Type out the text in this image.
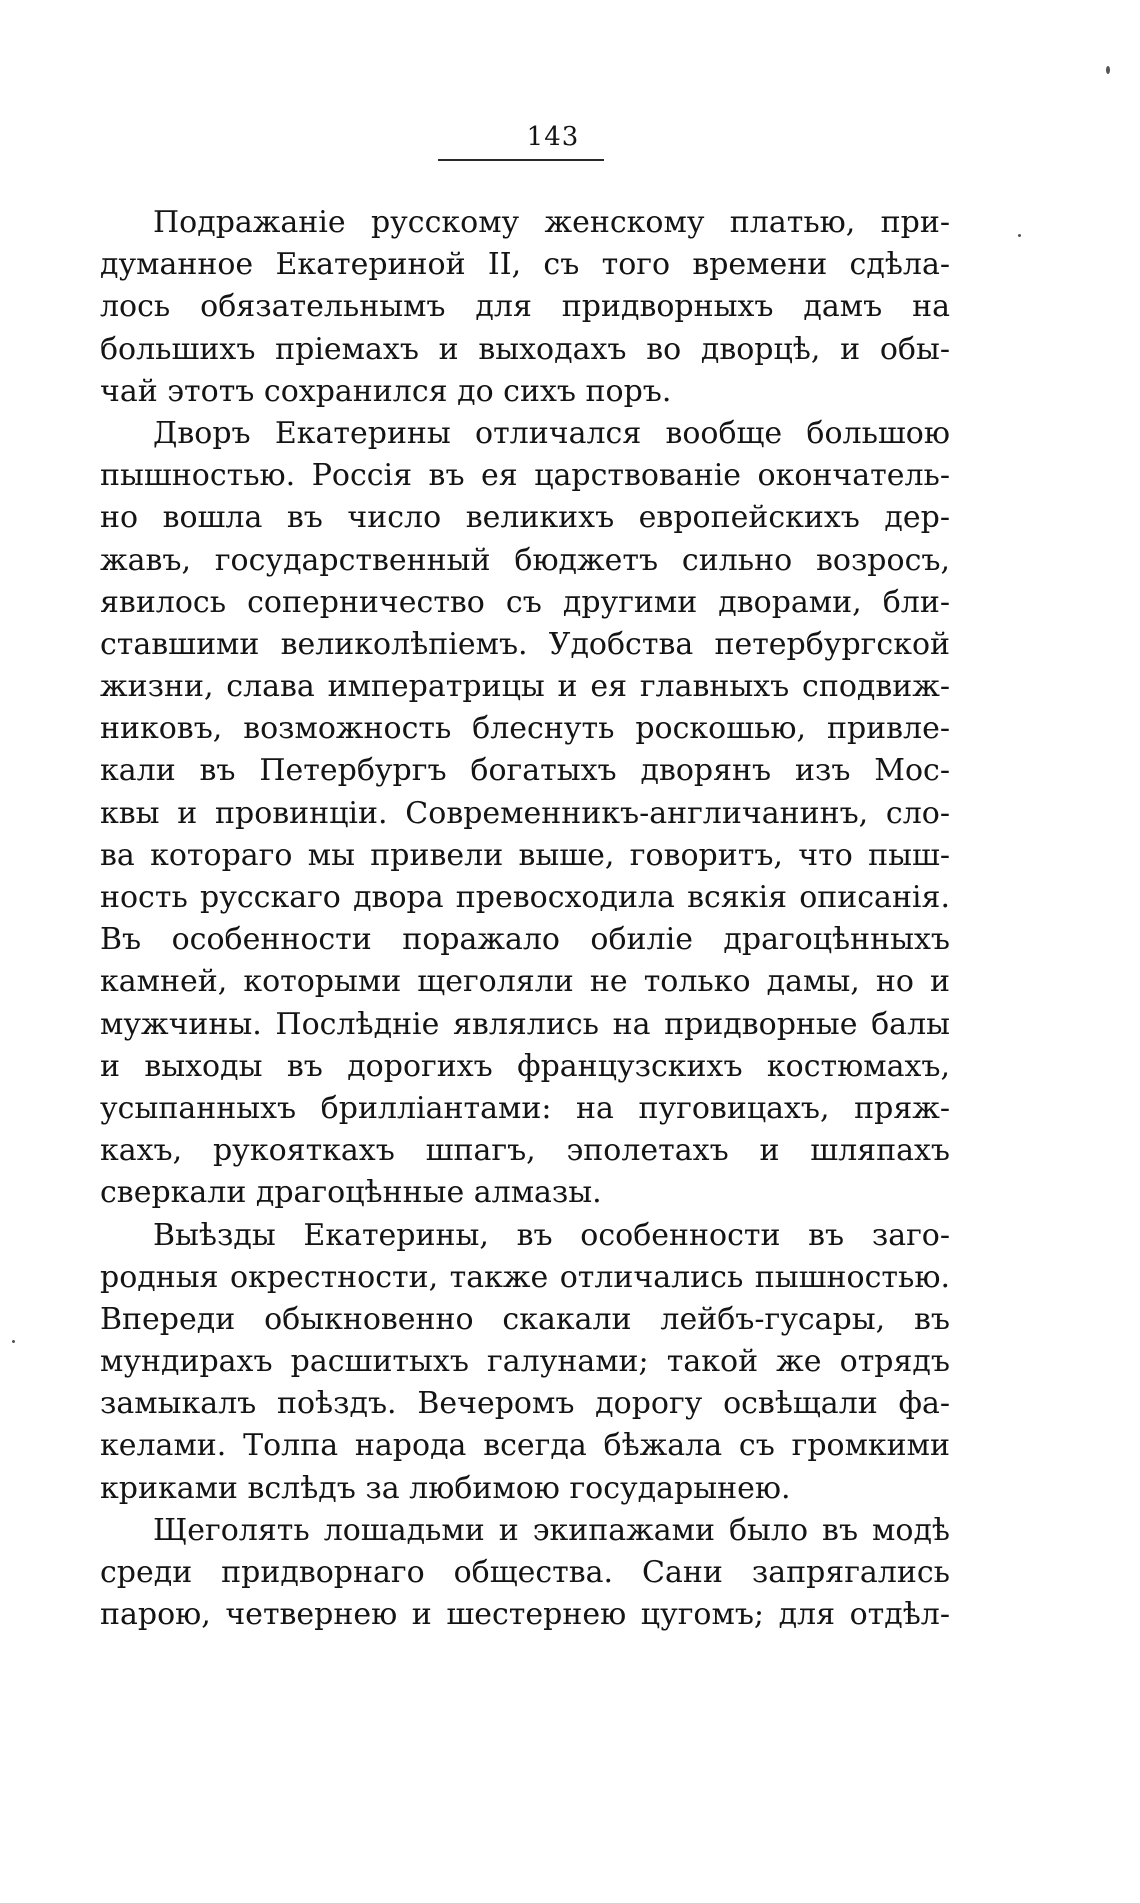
143
Подражаніе русскому женскому платью, при-
думанное Екатериной II, съ того времени сдѣла-
лось обязательнымъ для придворныхъ дамъ на
большихъ пріемахъ и выходахъ во дворцѣ, и обы-
чай этотъ сохранился до сихъ поръ.
Дворъ Екатерины отличался вообще большою
пышностью. Россія въ ея царствованіе окончатель-
но вошла въ число великихъ европейскихъ дер-
жавъ, государственный бюджетъ сильно возросъ,
явилось соперничество съ другими дворами, бли-
ставшими великолѣпіемъ. Удобства петербургской
жизни, слава императрицы и ея главныхъ сподвиж-
никовъ, возможность блеснуть роскошью, привле-
кали въ Петербургъ богатыхъ дворянъ изъ Мос-
квы и провинціи. Современникъ-англичанинъ, сло-
ва котораго мы привели выше, говоритъ, что пыш-
ность русскаго двора превосходила всякія описанія.
Въ особенности поражало обиліе драгоцѣнныхъ
камней, которыми щеголяли не только дамы, но и
мужчины. Послѣдніе являлись на придворные балы
и выходы въ дорогихъ французскихъ костюмахъ,
усыпанныхъ бриллiантами: на пуговицахъ, пряж-
кахъ, рукояткахъ шпагъ, эполетахъ и шляпахъ
сверкали драгоцѣнные алмазы.
Выѣзды Екатерины, въ особенности въ заго-
родныя окрестности, также отличались пышностью.
Впереди обыкновенно скакали лейбъ-гусары, въ
мундирахъ расшитыхъ галунами; такой же отрядъ
замыкалъ поѣздъ. Вечеромъ дорогу освѣщали фа-
келами. Толпа народа всегда бѣжала съ громкими
криками вслѣдъ за любимою государынею.
Щеголять лошадьми и экипажами было въ модѣ
среди придворнаго общества. Сани запрягались
парою, четвернею и шестернею цугомъ; для отдѣл-
